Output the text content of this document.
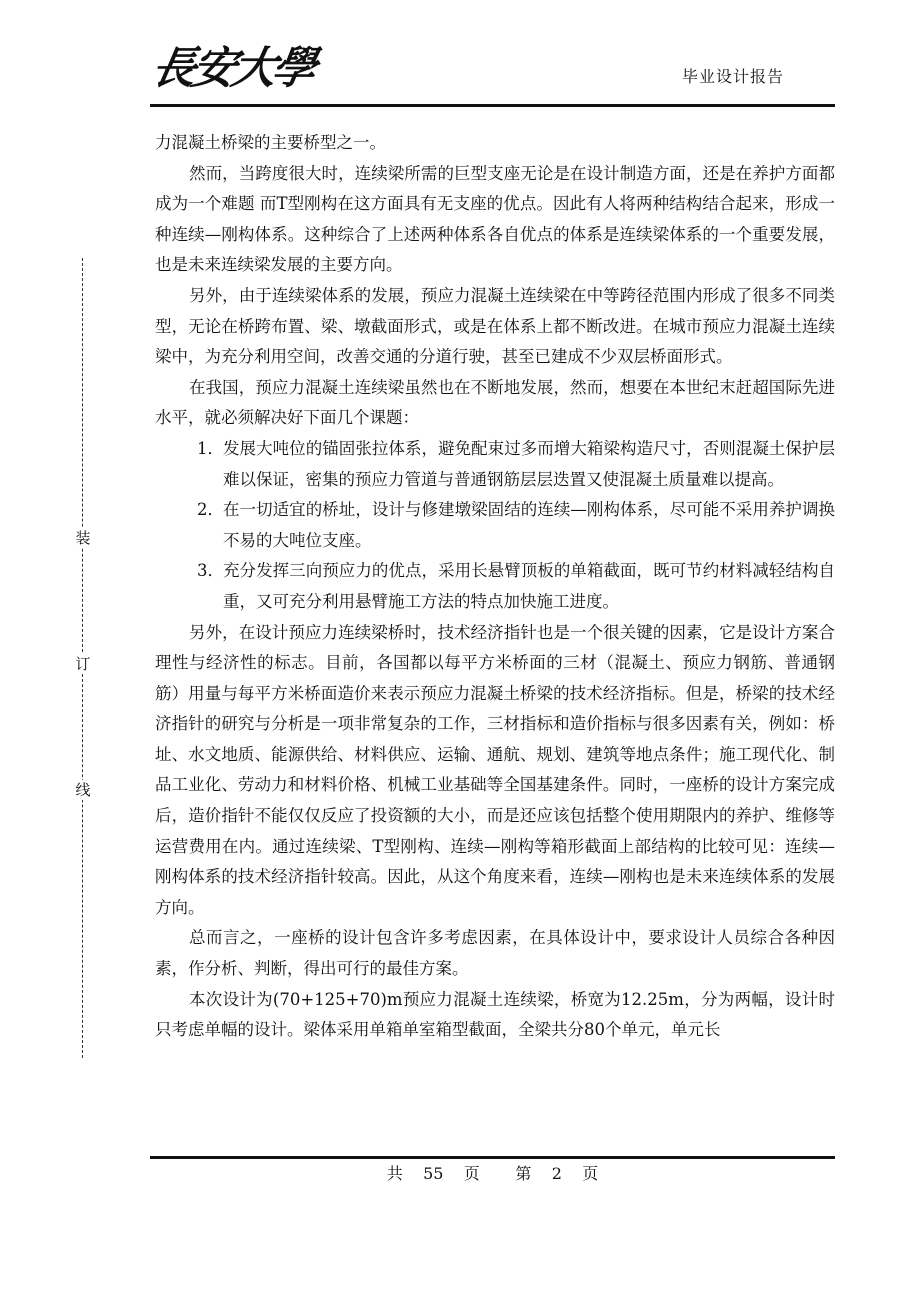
長安大學	毕业设计报告
装
订
线

力混凝土桥梁的主要桥型之一。

然而，当跨度很大时，连续梁所需的巨型支座无论是在设计制造方面，还是在养护方面都成为一个难题 而T型刚构在这方面具有无支座的优点。因此有人将两种结构结合起来，形成一种连续—刚构体系。这种综合了上述两种体系各自优点的体系是连续梁体系的一个重要发展，也是未来连续梁发展的主要方向。

另外，由于连续梁体系的发展，预应力混凝土连续梁在中等跨径范围内形成了很多不同类型，无论在桥跨布置、梁、墩截面形式，或是在体系上都不断改进。在城市预应力混凝土连续梁中，为充分利用空间，改善交通的分道行驶，甚至已建成不少双层桥面形式。

在我国，预应力混凝土连续梁虽然也在不断地发展，然而，想要在本世纪末赶超国际先进水平，就必须解决好下面几个课题：

1． 发展大吨位的锚固张拉体系，避免配束过多而增大箱梁构造尺寸，否则混凝土保护层难以保证，密集的预应力管道与普通钢筋层层迭置又使混凝土质量难以提高。
2． 在一切适宜的桥址，设计与修建墩梁固结的连续—刚构体系，尽可能不采用养护调换不易的大吨位支座。
3． 充分发挥三向预应力的优点，采用长悬臂顶板的单箱截面，既可节约材料减轻结构自重，又可充分利用悬臂施工方法的特点加快施工进度。

另外，在设计预应力连续梁桥时，技术经济指针也是一个很关键的因素，它是设计方案合理性与经济性的标志。目前，各国都以每平方米桥面的三材（混凝土、预应力钢筋、普通钢筋）用量与每平方米桥面造价来表示预应力混凝土桥梁的技术经济指标。但是，桥梁的技术经济指针的研究与分析是一项非常复杂的工作，三材指标和造价指标与很多因素有关，例如：桥址、水文地质、能源供给、材料供应、运输、通航、规划、建筑等地点条件；施工现代化、制品工业化、劳动力和材料价格、机械工业基础等全国基建条件。同时，一座桥的设计方案完成后，造价指针不能仅仅反应了投资额的大小，而是还应该包括整个使用期限内的养护、维修等运营费用在内。通过连续梁、T型刚构、连续—刚构等箱形截面上部结构的比较可见：连续—刚构体系的技术经济指针较高。因此，从这个角度来看，连续—刚构也是未来连续体系的发展方向。

总而言之，一座桥的设计包含许多考虑因素，在具体设计中，要求设计人员综合各种因素，作分析、判断，得出可行的最佳方案。

本次设计为(70+125+70)m预应力混凝土连续梁，桥宽为12.25m，分为两幅，设计时只考虑单幅的设计。梁体采用单箱单室箱型截面，全梁共分80个单元，单元长

共 55 页 第 2 页
